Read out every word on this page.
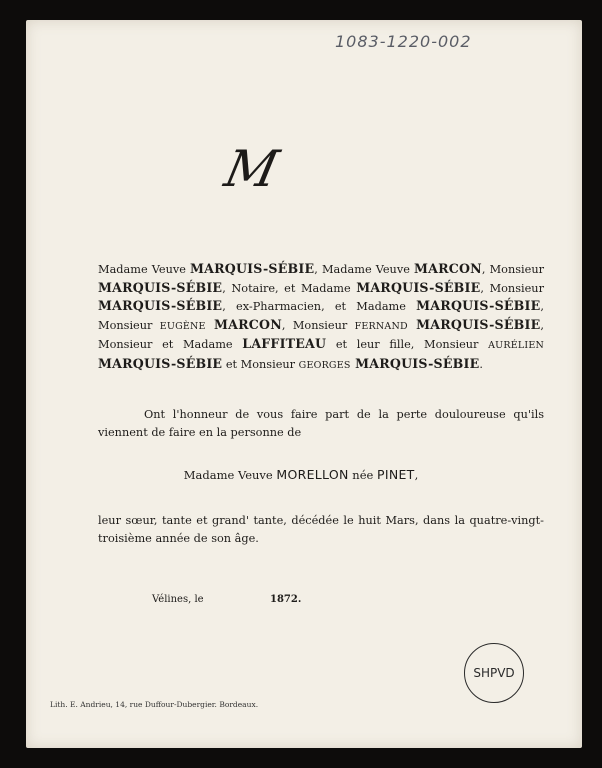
1083-1220-002
M
Madame Veuve MARQUIS-SÉBIE, Madame Veuve MARCON, Monsieur MARQUIS-SÉBIE, Notaire, et Madame MARQUIS-SÉBIE, Monsieur MARQUIS-SÉBIE, ex-Pharmacien, et Madame MARQUIS-SÉBIE, Monsieur EUGÈNE MARCON, Monsieur FERNAND MARQUIS-SÉBIE, Monsieur et Madame LAFFITEAU et leur fille, Monsieur AURÉLIEN MARQUIS-SÉBIE et Monsieur GEORGES MARQUIS-SÉBIE.
Ont l'honneur de vous faire part de la perte douloureuse qu'ils viennent de faire en la personne de
Madame Veuve MORELLON née PINET,
leur sœur, tante et grand' tante, décédée le huit Mars, dans la quatre-vingt-troisième année de son âge.
Vélines, le	1872.
SHPVD
Lith. E. Andrieu, 14, rue Duffour-Dubergier. Bordeaux.
